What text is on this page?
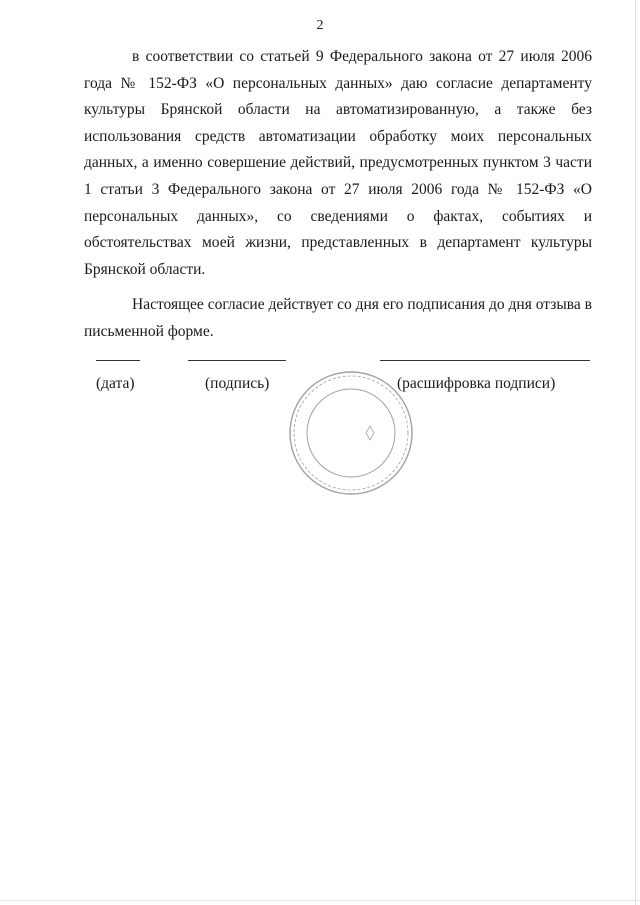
2

в соответствии со статьей 9 Федерального закона от 27 июля 2006 года № 152-ФЗ «О персональных данных» даю согласие департаменту культуры Брянской области на автоматизированную, а также без использования средств автоматизации обработку моих персональных данных, а именно совершение действий, предусмотренных пунктом 3 части 1 статьи 3 Федерального закона от 27 июля 2006 года № 152-ФЗ «О персональных данных», со сведениями о фактах, событиях и обстоятельствах моей жизни, представленных в департамент культуры Брянской области.

Настоящее согласие действует со дня его подписания до дня отзыва в письменной форме.

(дата)	(подпись)	(расшифровка подписи)
